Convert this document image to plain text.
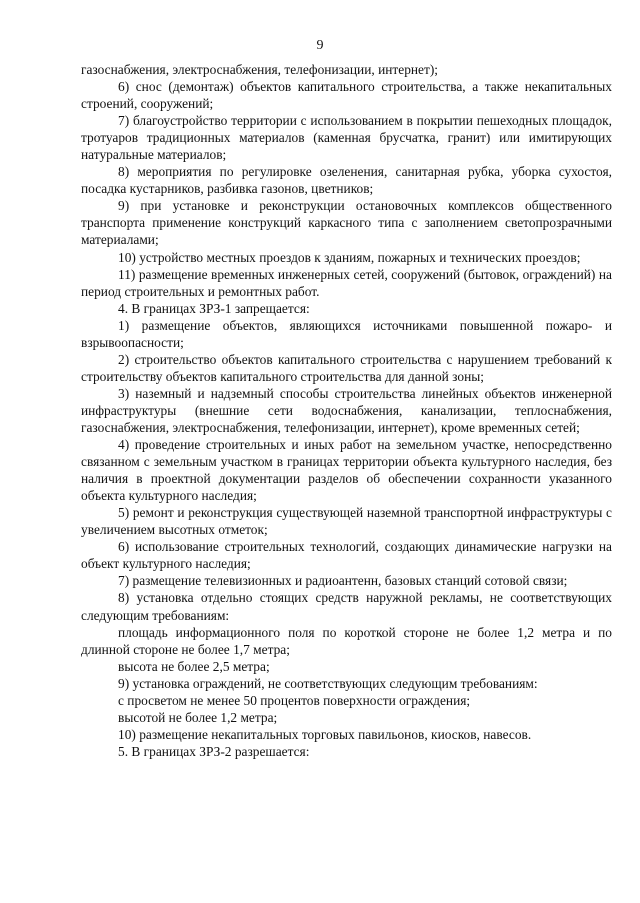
9

газоснабжения, электроснабжения, телефонизации, интернет);

6) снос (демонтаж) объектов капитального строительства, а также некапитальных строений, сооружений;

7) благоустройство территории с использованием в покрытии пешеходных площадок, тротуаров традиционных материалов (каменная брусчатка, гранит) или имитирующих натуральные материалов;

8) мероприятия по регулировке озеленения, санитарная рубка, уборка сухостоя, посадка кустарников, разбивка газонов, цветников;

9) при установке и реконструкции остановочных комплексов общественного транспорта применение конструкций каркасного типа с заполнением светопрозрачными материалами;

10) устройство местных проездов к зданиям, пожарных и технических проездов;

11) размещение временных инженерных сетей, сооружений (бытовок, ограждений) на период строительных и ремонтных работ.

4. В границах ЗРЗ-1 запрещается:

1) размещение объектов, являющихся источниками повышенной пожаро- и взрывоопасности;

2) строительство объектов капитального строительства с нарушением требований к строительству объектов капитального строительства для данной зоны;

3) наземный и надземный способы строительства линейных объектов инженерной инфраструктуры (внешние сети водоснабжения, канализации, теплоснабжения, газоснабжения, электроснабжения, телефонизации, интернет), кроме временных сетей;

4) проведение строительных и иных работ на земельном участке, непосредственно связанном с земельным участком в границах территории объекта культурного наследия, без наличия в проектной документации разделов об обеспечении сохранности указанного объекта культурного наследия;

5) ремонт и реконструкция существующей наземной транспортной инфраструктуры с увеличением высотных отметок;

6) использование строительных технологий, создающих динамические нагрузки на объект культурного наследия;

7) размещение телевизионных и радиоантенн, базовых станций сотовой связи;

8) установка отдельно стоящих средств наружной рекламы, не соответствующих следующим требованиям:

площадь информационного поля по короткой стороне не более 1,2 метра и по длинной стороне не более 1,7 метра;

высота не более 2,5 метра;

9) установка ограждений, не соответствующих следующим требованиям:

с просветом не менее 50 процентов поверхности ограждения;

высотой не более 1,2 метра;

10) размещение некапитальных торговых павильонов, киосков, навесов.

5. В границах ЗРЗ-2 разрешается:
